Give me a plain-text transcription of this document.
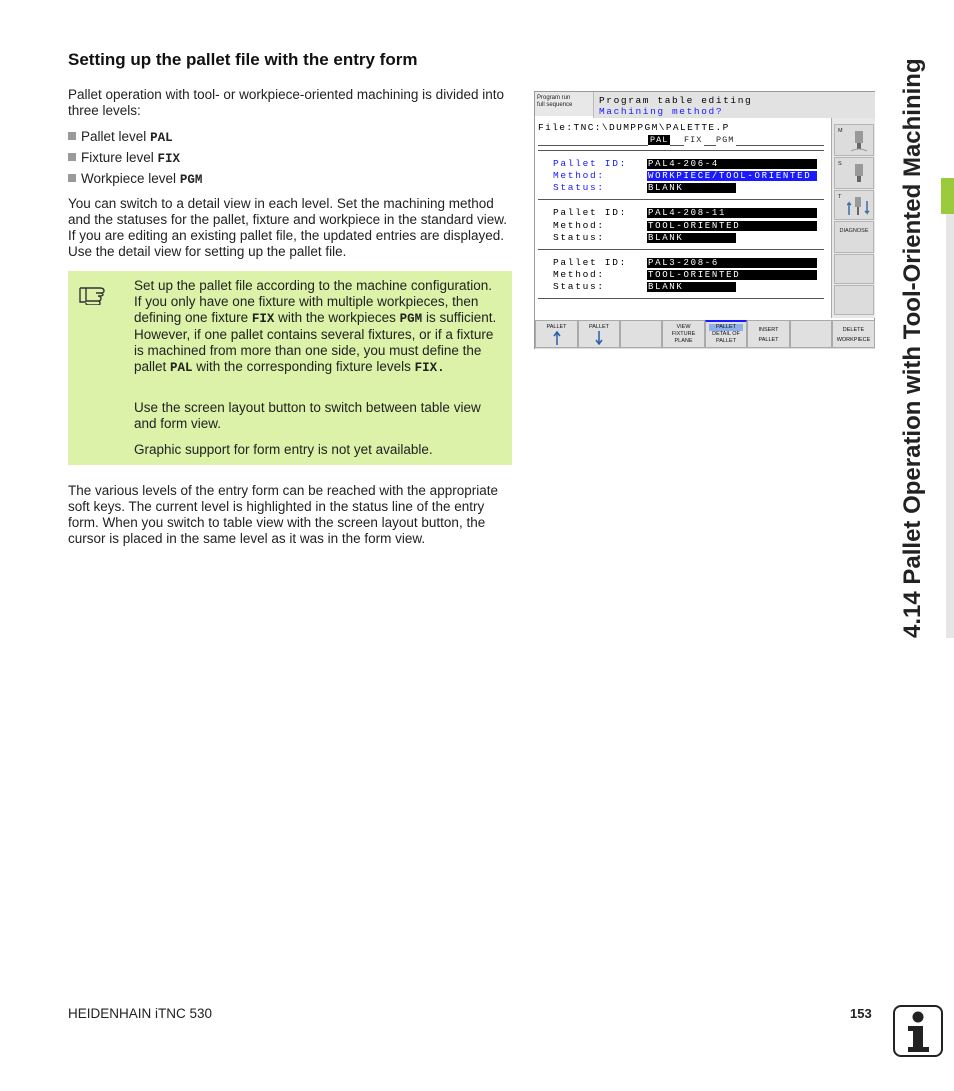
Setting up the pallet file with the entry form
Pallet operation with tool- or workpiece-oriented machining is divided into three levels:
Pallet level PAL
Fixture level FIX
Workpiece level PGM
You can switch to a detail view in each level. Set the machining method and the statuses for the pallet, fixture and workpiece in the standard view. If you are editing an existing pallet file, the updated entries are displayed. Use the detail view for setting up the pallet file.
Set up the pallet file according to the machine configuration. If you only have one fixture with multiple workpieces, then defining one fixture FIX with the workpieces PGM is sufficient. However, if one pallet contains several fixtures, or if a fixture is machined from more than one side, you must define the pallet PAL with the corresponding fixture levels FIX.
Use the screen layout button to switch between table view and form view.
Graphic support for form entry is not yet available.
The various levels of the entry form can be reached with the appropriate soft keys. The current level is highlighted in the status line of the entry form. When you switch to table view with the screen layout button, the cursor is placed in the same level as it was in the form view.
Program run
full sequence	Program table editing
Machining method?
File:TNC:\DUMPPGM\PALETTE.P
PAL FIX PGM
Pallet ID: PAL4-206-4
Method:	WORKPIECE/TOOL-ORIENTED
Status:	BLANK
Pallet ID: PAL4-208-11
Method:	TOOL-ORIENTED
Status:	BLANK
Pallet ID: PAL3-208-6
Method:	TOOL-ORIENTED
Status:	BLANK
M
S
T
DIAGNOSE
PALLET	PALLET	VIEW
FIXTURE
PLANE
PALLET
DETAIL OF
PALLET
INSERT
PALLET
DELETE
WORKPIECE 4.14 Pallet Operation with Tool-Oriented Machining
HEIDENHAIN iTNC 530	153
